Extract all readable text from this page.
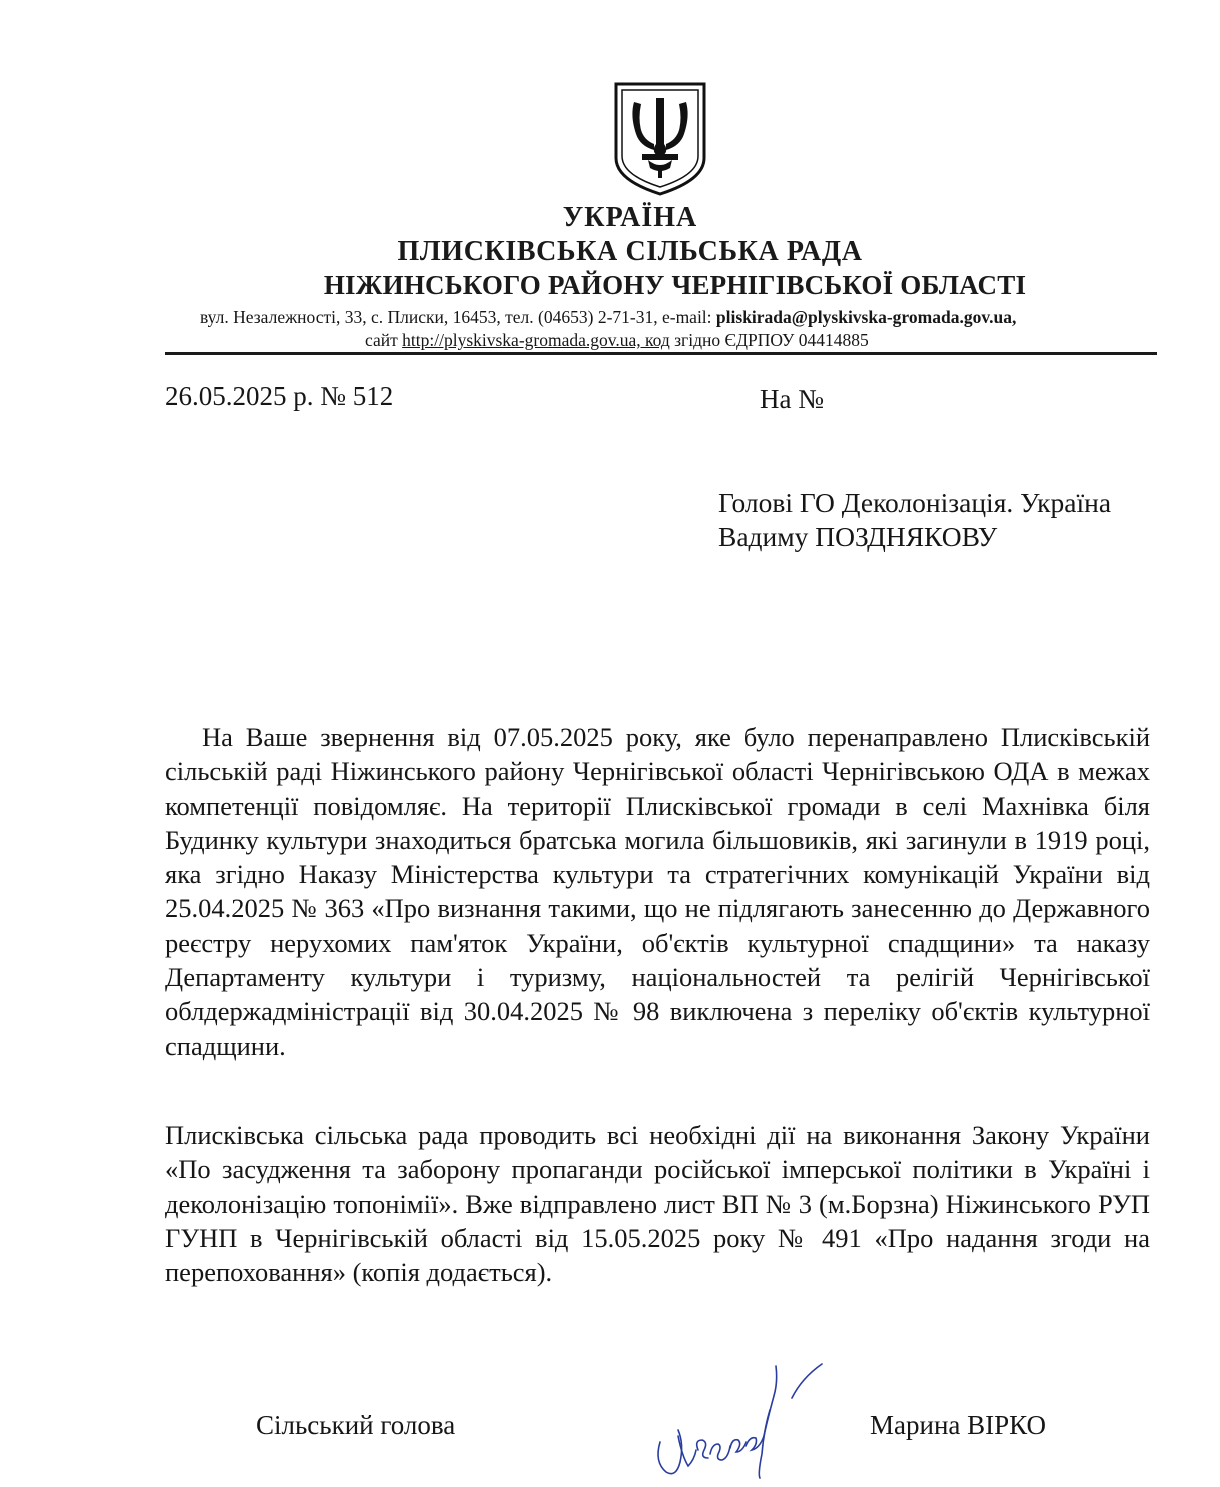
УКРАЇНА
ПЛИСКІВСЬКА СІЛЬСЬКА РАДА
НІЖИНСЬКОГО РАЙОНУ ЧЕРНІГІВСЬКОЇ ОБЛАСТІ
вул. Незалежності, 33, с. Плиски, 16453, тел. (04653) 2-71-31, e-mail: pliskirada@plyskivska-gromada.gov.ua,
сайт http://plyskivska-gromada.gov.ua, код згідно ЄДРПОУ 04414885
26.05.2025 р. № 512	На №
Голові ГО Деколонізація. Україна
Вадиму ПОЗДНЯКОВУ

На Ваше звернення від 07.05.2025 року, яке було перенаправлено Плисківській сільській раді Ніжинського району Чернігівської області Чернігівською ОДА в межах компетенції повідомляє. На території Плисківської громади в селі Махнівка біля Будинку культури знаходиться братська могила більшовиків, які загинули в 1919 році, яка згідно Наказу Міністерства культури та стратегічних комунікацій України від 25.04.2025 № 363 «Про визнання такими, що не підлягають занесенню до Державного реєстру нерухомих пам'яток України, об'єктів культурної спадщини» та наказу Департаменту культури і туризму, національностей та релігій Чернігівської облдержадміністрації від 30.04.2025 № 98 виключена з переліку об'єктів культурної спадщини.

Плисківська сільська рада проводить всі необхідні дії на виконання Закону України «По засудження та заборону пропаганди російської імперської політики в Україні і деколонізацію топонімії». Вже відправлено лист ВП № 3 (м.Борзна) Ніжинського РУП ГУНП в Чернігівській області від 15.05.2025 року № 491 «Про надання згоди на перепоховання» (копія додається).

Сільський голова	Марина ВІРКО
